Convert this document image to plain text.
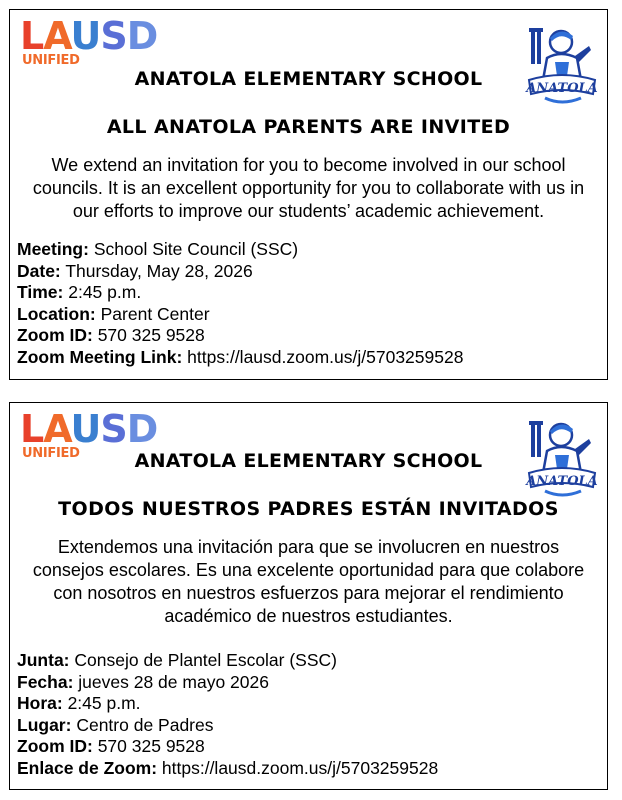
LAUSD
UNIFIED
ANATOLA
ANATOLA ELEMENTARY SCHOOL
ALL ANATOLA PARENTS ARE INVITED
We extend an invitation for you to become involved in our school councils. It is an excellent opportunity for you to collaborate with us in our efforts to improve our students’ academic achievement.
Meeting: School Site Council (SSC)
Date: Thursday, May 28, 2026
Time: 2:45 p.m.
Location: Parent Center
Zoom ID: 570 325 9528
Zoom Meeting Link: https://lausd.zoom.us/j/5703259528
LAUSD
UNIFIED
ANATOLA
ANATOLA ELEMENTARY SCHOOL
TODOS NUESTROS PADRES ESTÁN INVITADOS
Extendemos una invitación para que se involucren en nuestros consejos escolares. Es una excelente oportunidad para que colabore con nosotros en nuestros esfuerzos para mejorar el rendimiento académico de nuestros estudiantes.
Junta: Consejo de Plantel Escolar (SSC)
Fecha: jueves 28 de mayo 2026
Hora: 2:45 p.m.
Lugar: Centro de Padres
Zoom ID: 570 325 9528
Enlace de Zoom: https://lausd.zoom.us/j/5703259528
